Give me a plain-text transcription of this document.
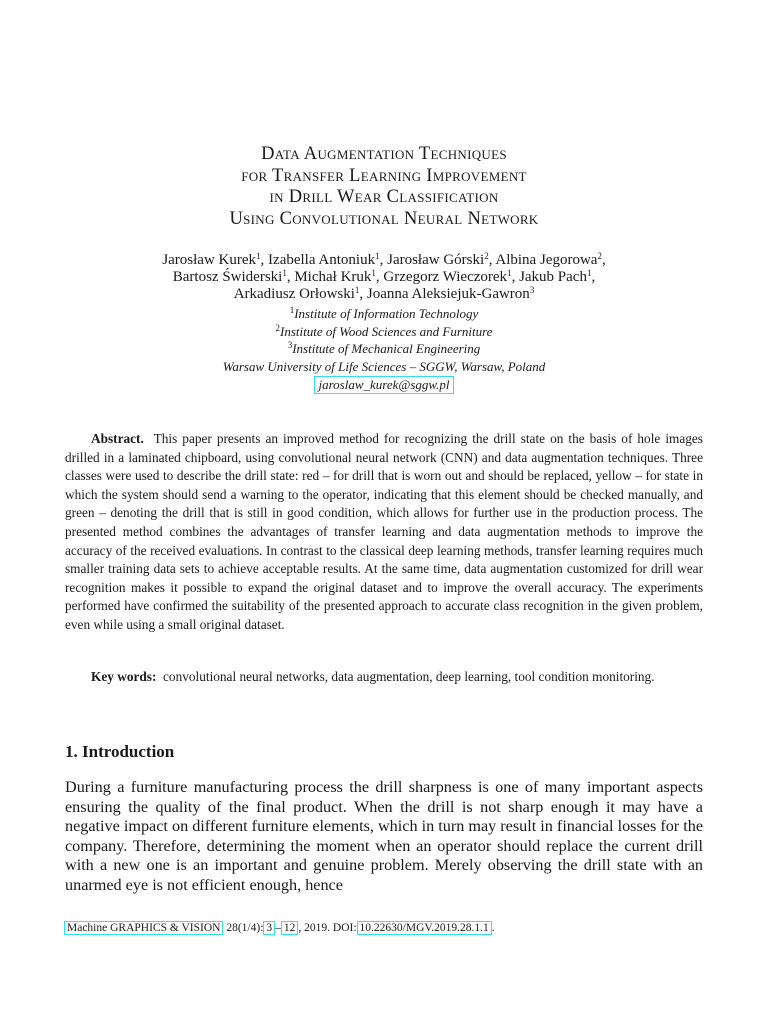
Data Augmentation Techniques
for Transfer Learning Improvement
in Drill Wear Classification
Using Convolutional Neural Network
Jarosław Kurek$^1$, Izabella Antoniuk$^1$, Jarosław Górski$^2$, Albina Jegorowa$^2$,
Bartosz Świderski$^1$, Michał Kruk$^1$, Grzegorz Wieczorek$^1$, Jakub Pach$^1$,
Arkadiusz Orłowski$^1$, Joanna Aleksiejuk-Gawron$^3$
$^1$Institute of Information Technology
$^2$Institute of Wood Sciences and Furniture
$^3$Institute of Mechanical Engineering
Warsaw University of Life Sciences – SGGW, Warsaw, Poland
jaroslaw_kurek@sggw.pl

Abstract. This paper presents an improved method for recognizing the drill state on the basis of hole images drilled in a laminated chipboard, using convolutional neural network (CNN) and data augmentation techniques. Three classes were used to describe the drill state: red – for drill that is worn out and should be replaced, yellow – for state in which the system should send a warning to the operator, indicating that this element should be checked manually, and green – denoting the drill that is still in good condition, which allows for further use in the production process. The presented method combines the advantages of transfer learning and data augmentation methods to improve the accuracy of the received evaluations. In contrast to the classical deep learning methods, transfer learning requires much smaller training data sets to achieve acceptable results. At the same time, data augmentation customized for drill wear recognition makes it possible to expand the original dataset and to improve the overall accuracy. The experiments performed have confirmed the suitability of the presented approach to accurate class recognition in the given problem, even while using a small original dataset.

Key words: convolutional neural networks, data augmentation, deep learning, tool condition monitoring.

1. Introduction

During a furniture manufacturing process the drill sharpness is one of many important aspects ensuring the quality of the final product. When the drill is not sharp enough it may have a negative impact on different furniture elements, which in turn may result in financial losses for the company. Therefore, determining the moment when an operator should replace the current drill with a new one is an important and genuine problem. Merely observing the drill state with an unarmed eye is not efficient enough, hence

Machine GRAPHICS & VISION 28(1/4): 3 – 12 , 2019. DOI: 10.22630/MGV.2019.28.1.1 .
